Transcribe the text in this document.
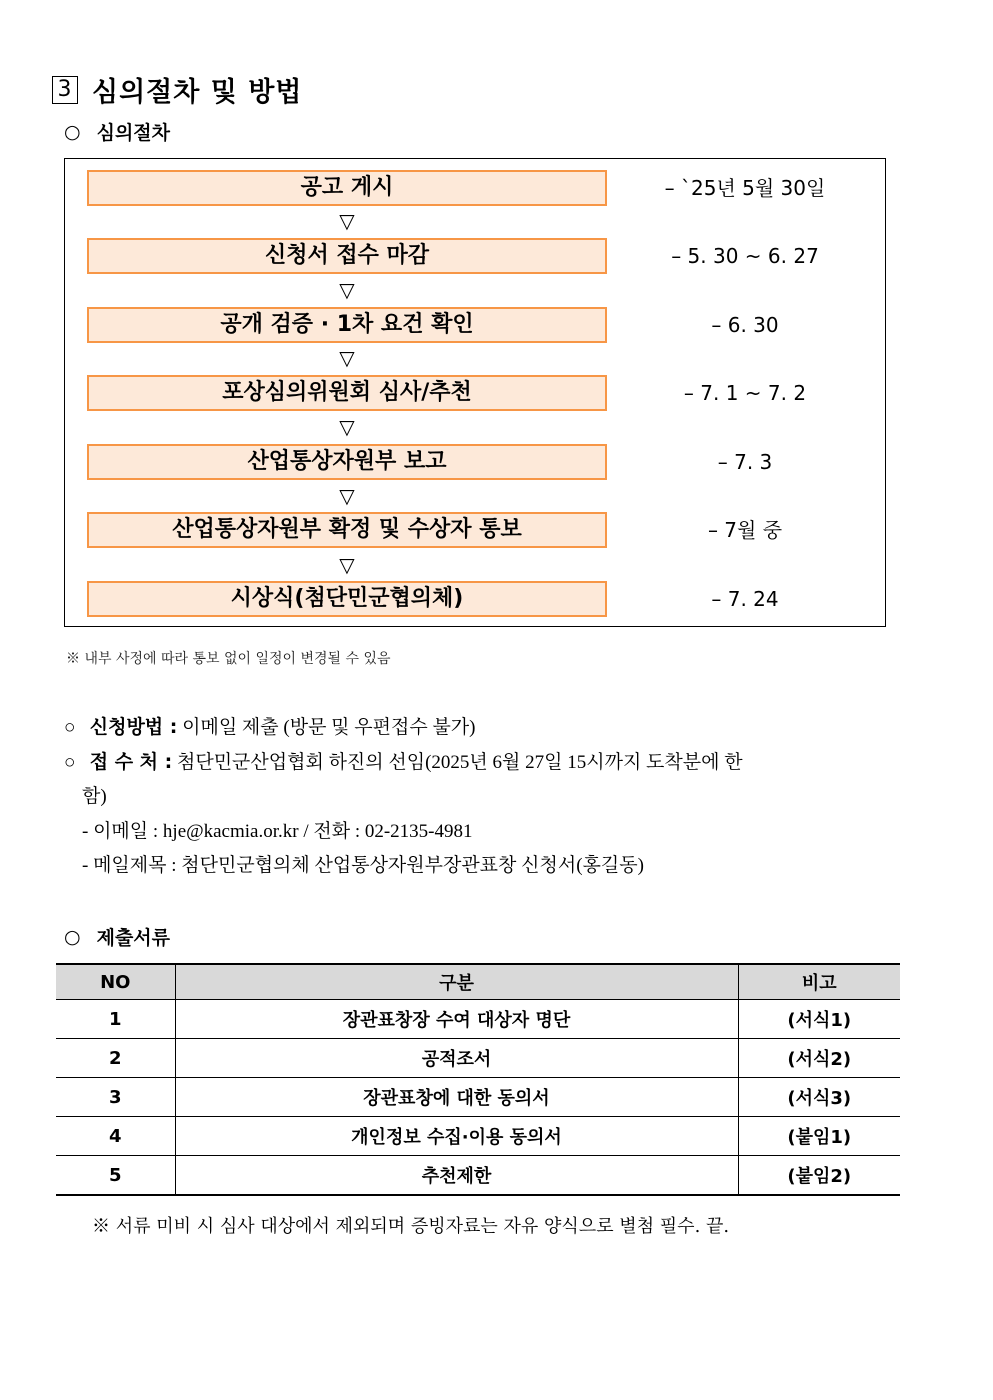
3 심의절차 및 방법
○ 심의절차
공고 게시	– `25년 5월 30일
▽
신청서 접수 마감	– 5. 30 ~ 6. 27
▽
공개 검증 · 1차 요건 확인	– 6. 30
▽
포상심의위원회 심사/추천	– 7. 1 ~ 7. 2
▽
산업통상자원부 보고	– 7. 3
▽
산업통상자원부 확정 및 수상자 통보	– 7월 중
▽
시상식(첨단민군협의체)	– 7. 24
※ 내부 사정에 따라 통보 없이 일정이 변경될 수 있음
○ 신청방법 : 이메일 제출 (방문 및 우편접수 불가)
○ 접 수 처 : 첨단민군산업협회 하진의 선임(2025년 6월 27일 15시까지 도착분에 한
함)
- 이메일 : hje@kacmia.or.kr / 전화 : 02-2135-4981
- 메일제목 : 첨단민군협의체 산업통상자원부장관표창 신청서(홍길동)
○ 제출서류
NO	구분	비고
1	장관표창장 수여 대상자 명단	(서식1)
2	공적조서	(서식2)
3	장관표창에 대한 동의서	(서식3)
4	개인정보 수집·이용 동의서	(붙임1)
5	추천제한	(붙임2)
※ 서류 미비 시 심사 대상에서 제외되며 증빙자료는 자유 양식으로 별첨 필수. 끝.
